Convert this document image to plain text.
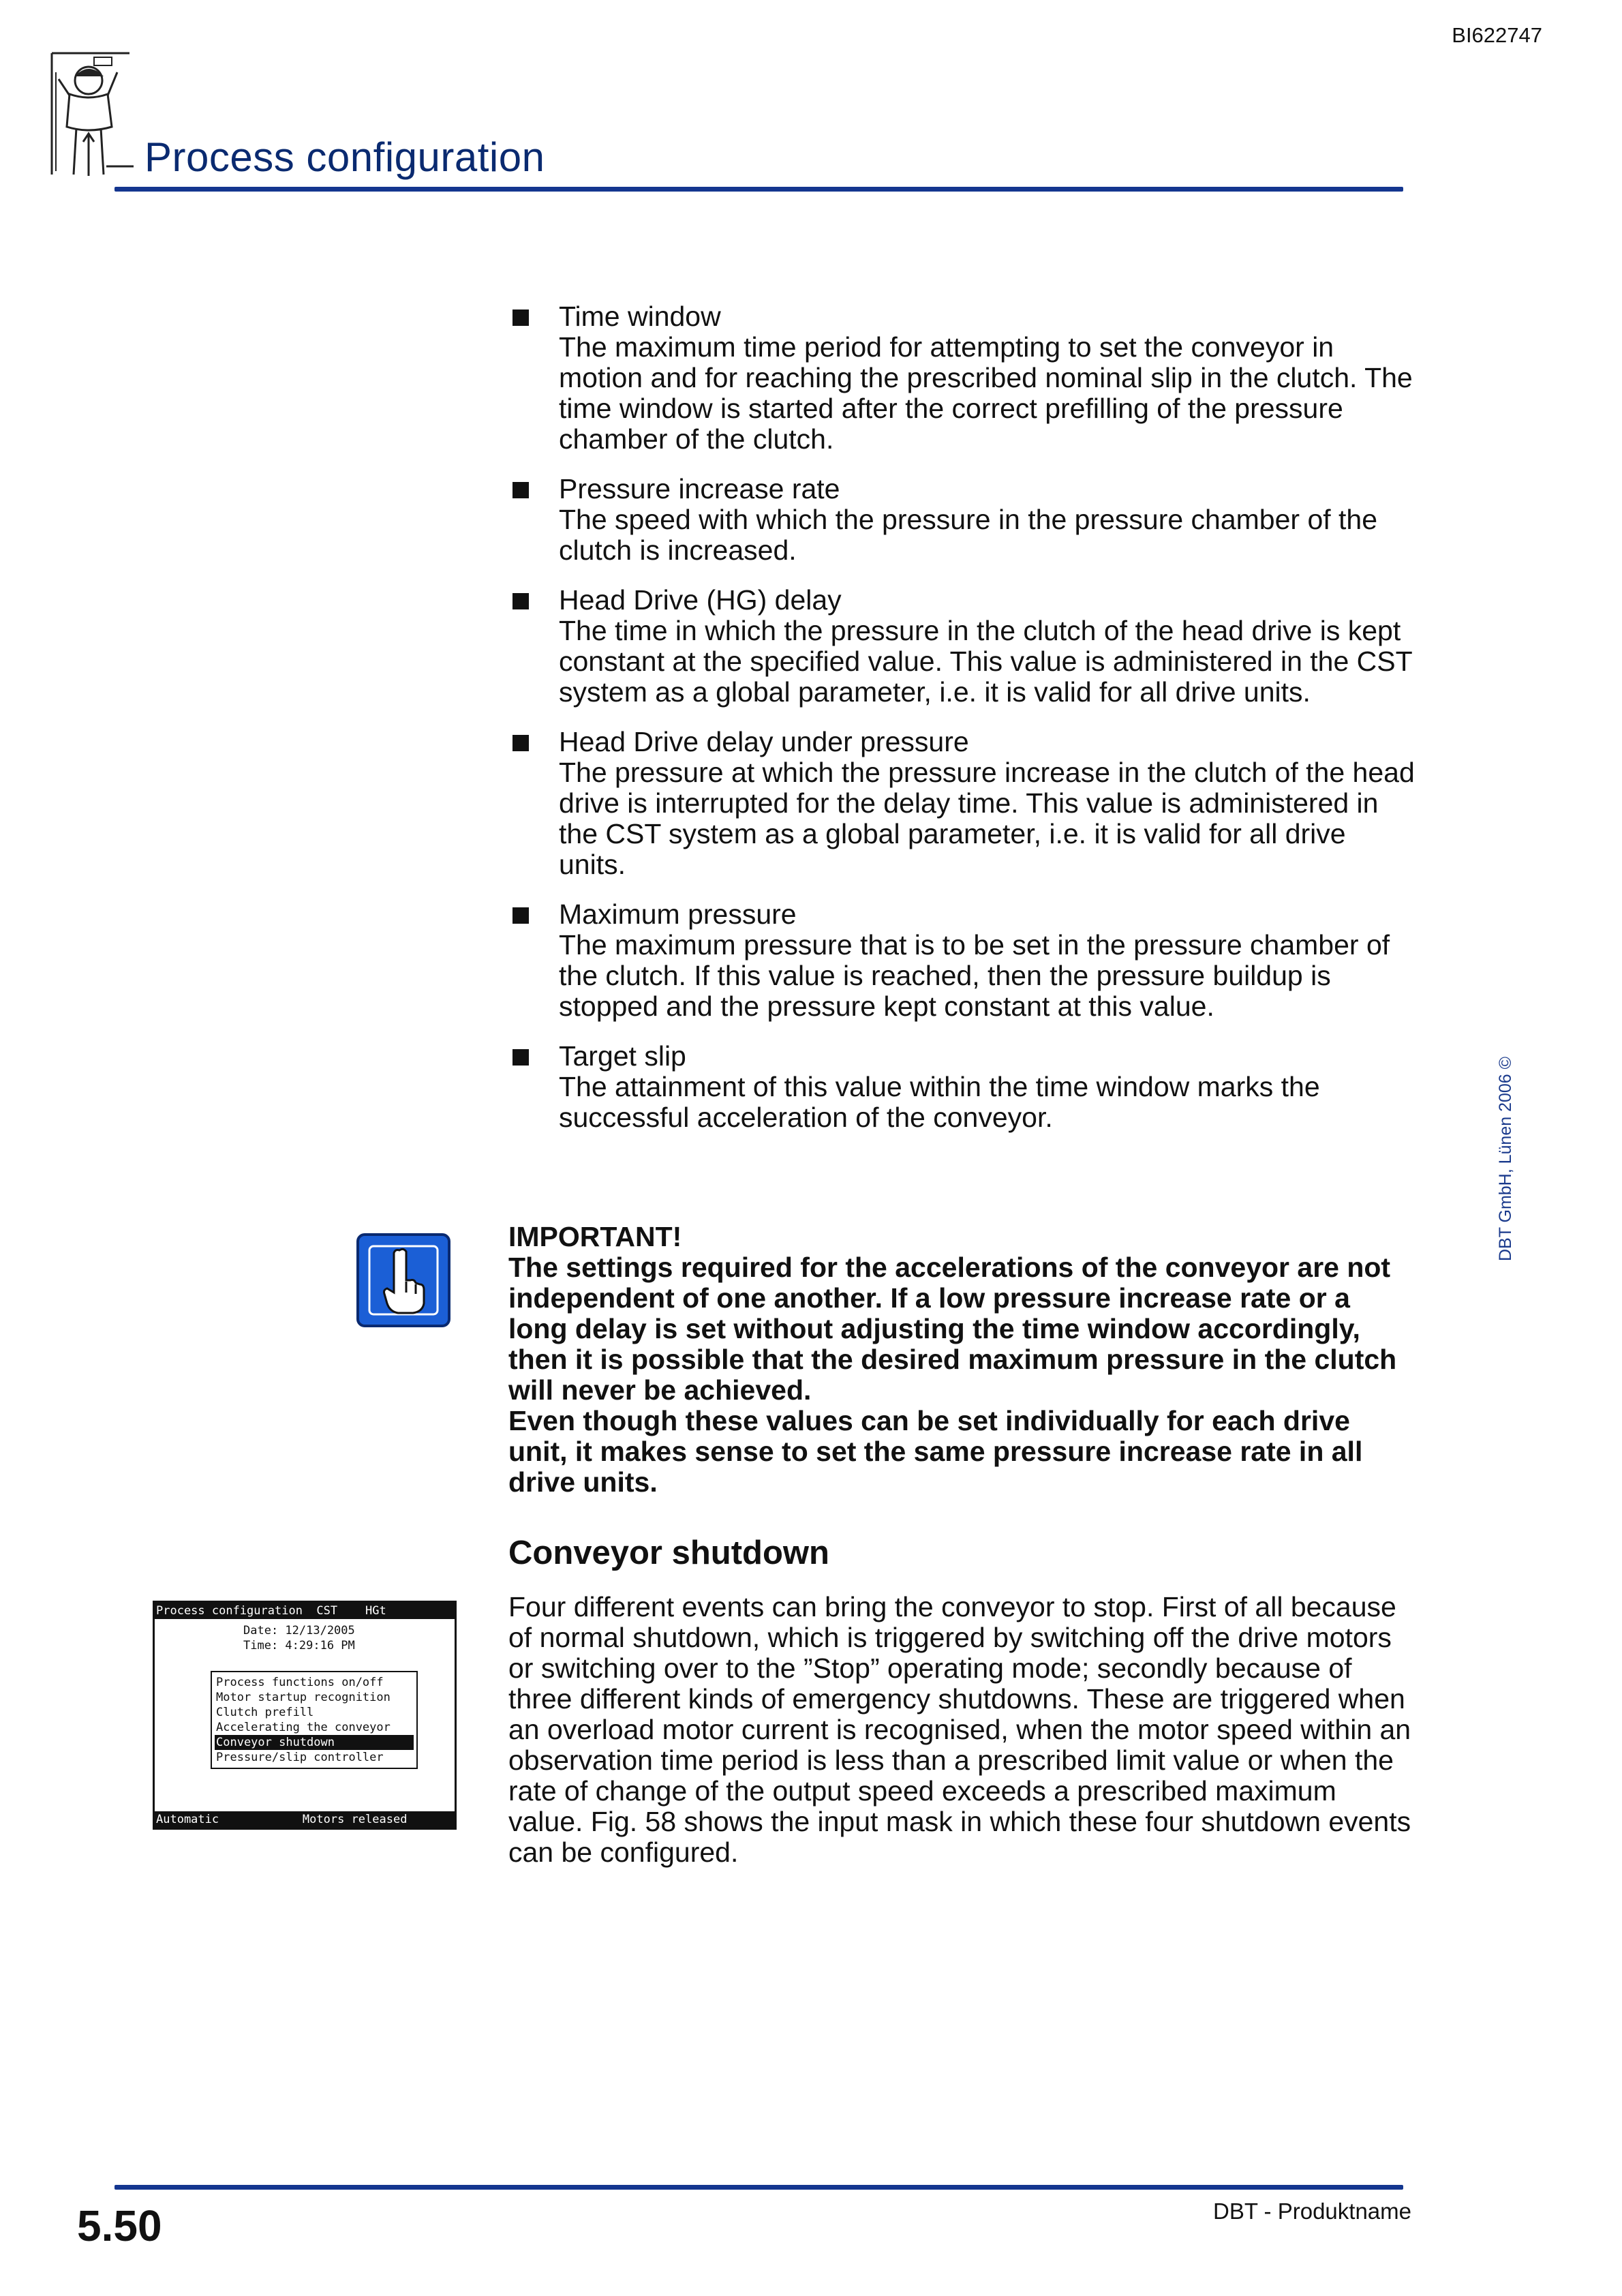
BI622747
Process configuration
Time window
The maximum time period for attempting to set the conveyor in motion and for reaching the prescribed nominal slip in the clutch. The time window is started after the correct prefilling of the pressure chamber of the clutch.
Pressure increase rate
The speed with which the pressure in the pressure chamber of the clutch is increased.
Head Drive (HG) delay
The time in which the pressure in the clutch of the head drive is kept constant at the specified value. This value is administered in the CST system as a global parameter, i.e. it is valid for all drive units.
Head Drive delay under pressure
The pressure at which the pressure increase in the clutch of the head drive is interrupted for the delay time. This value is administered in the CST system as a global parameter, i.e. it is valid for all drive units.
Maximum pressure
The maximum pressure that is to be set in the pressure chamber of the clutch. If this value is reached, then the pressure buildup is stopped and the pressure kept constant at this value.
Target slip
The attainment of this value within the time window marks the successful acceleration of the conveyor.

IMPORTANT!

The settings required for the accelerations of the conveyor are not independent of one another. If a low pressure increase rate or a long delay is set without adjusting the time window accordingly, then it is possible that the desired maximum pressure in the clutch will never be achieved.

Even though these values can be set individually for each drive unit, it makes sense to set the same pressure increase rate in all drive units.

Conveyor shutdown

Four different events can bring the conveyor to stop. First of all because of normal shutdown, which is triggered by switching off the drive motors or switching over to the ”Stop” operating mode; secondly because of three different kinds of emergency shutdowns. These are triggered when an overload motor current is recognised, when the motor speed within an observation time period is less than a prescribed limit value or when the rate of change of the output speed exceeds a prescribed maximum value. Fig. 58 shows the input mask in which these four shutdown events can be configured.

Process configuration  CST    HGt
Date: 12/13/2005
Time: 4:29:16 PM
Process functions on/off
Motor startup recognition
Clutch prefill
Accelerating the conveyor
Conveyor shutdown
Pressure/slip controller
Automatic            Motors released
DBT GmbH, Lünen 2006 ©
5.50	DBT - Produktname
